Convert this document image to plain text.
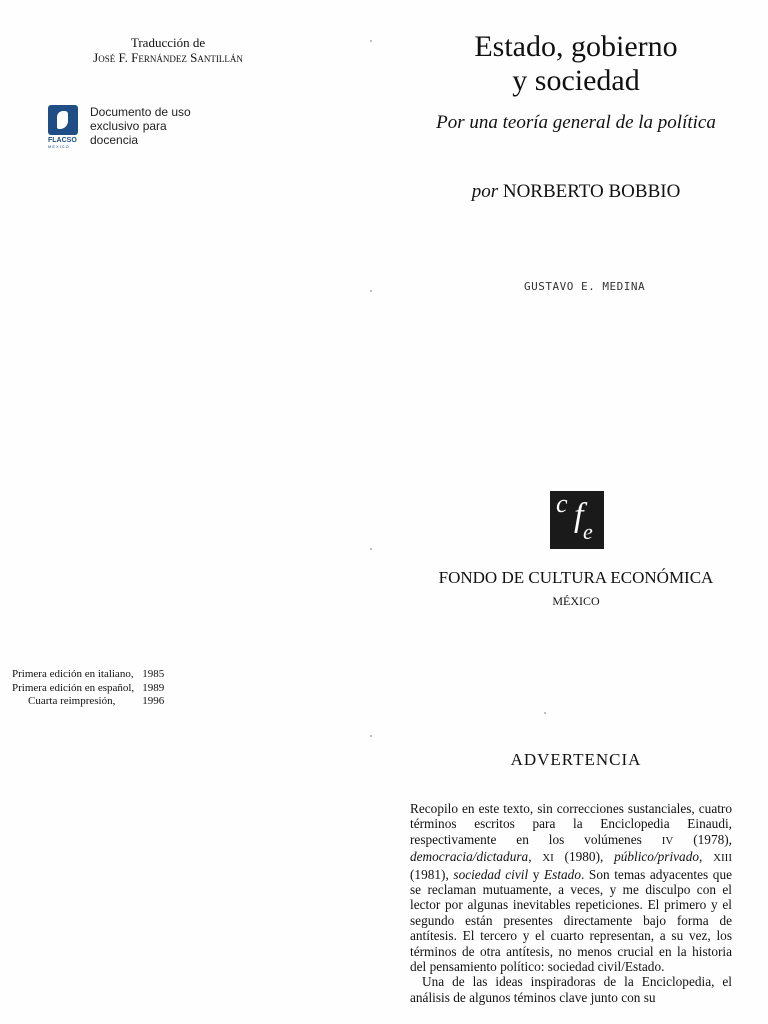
Traducción de
José F. Fernández Santillán
FLACSO
MÉXICO
Documento de uso
exclusivo para
docencia
Primera edición en italiano,	1985
Primera edición en español,	1989
Cuarta reimpresión,	1996
Estado, gobierno
y sociedad
Por una teoría general de la política
por NORBERTO BOBBIO
GUSTAVO E. MEDINA
c f e
FONDO DE CULTURA ECONÓMICA
MÉXICO
ADVERTENCIA

Recopilo en este texto, sin correcciones sustanciales, cuatro términos escritos para la Enciclopedia Einaudi, respectivamente en los volúmenes IV (1978), democracia/dictadura, XI (1980), público/privado, XIII (1981), sociedad civil y Estado. Son temas adyacentes que se reclaman mutuamente, a veces, y me disculpo con el lector por algunas inevitables repeticiones. El primero y el segundo están presentes directamente bajo forma de antítesis. El tercero y el cuarto representan, a su vez, los términos de otra antítesis, no menos crucial en la historia del pensamiento político: sociedad civil/Estado.

Una de las ideas inspiradoras de la Enciclopedia, el análisis de algunos téminos clave junto con su
